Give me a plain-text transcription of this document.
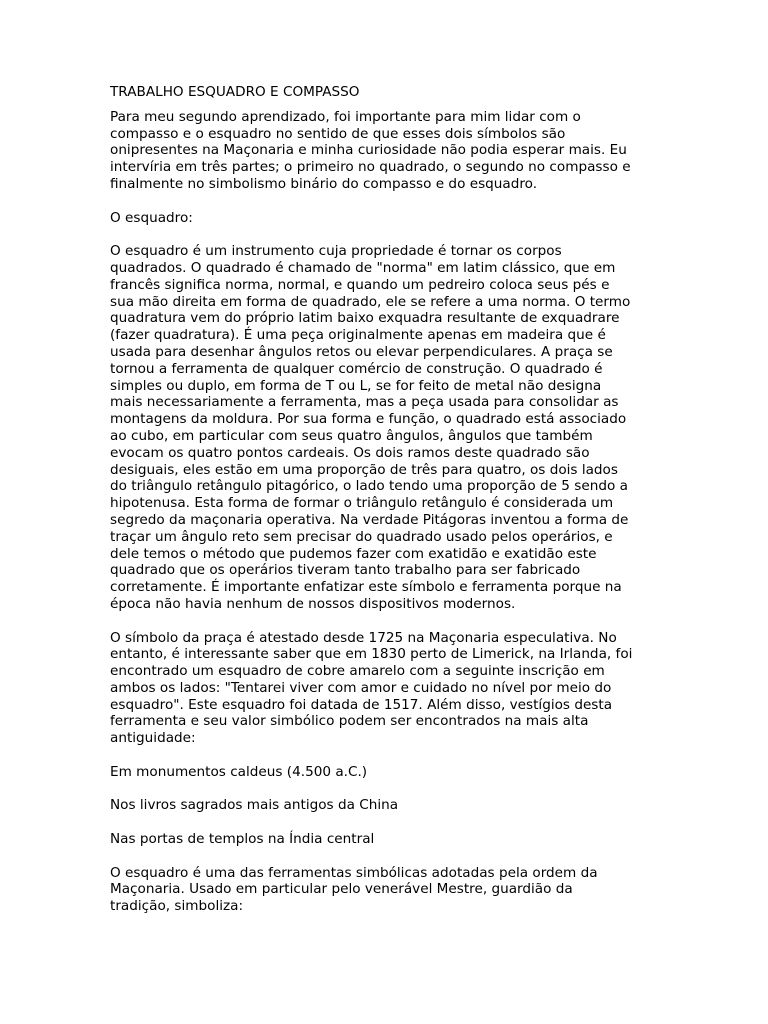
TRABALHO ESQUADRO E COMPASSO

Para meu segundo aprendizado, foi importante para mim lidar com o
compasso e o esquadro no sentido de que esses dois símbolos são
onipresentes na Maçonaria e minha curiosidade não podia esperar mais. Eu
intervíria em três partes; o primeiro no quadrado, o segundo no compasso e
finalmente no simbolismo binário do compasso e do esquadro.

O esquadro:

O esquadro é um instrumento cuja propriedade é tornar os corpos
quadrados. O quadrado é chamado de "norma" em latim clássico, que em
francês significa norma, normal, e quando um pedreiro coloca seus pés e
sua mão direita em forma de quadrado, ele se refere a uma norma. O termo
quadratura vem do próprio latim baixo exquadra resultante de exquadrare
(fazer quadratura). É uma peça originalmente apenas em madeira que é
usada para desenhar ângulos retos ou elevar perpendiculares. A praça se
tornou a ferramenta de qualquer comércio de construção. O quadrado é
simples ou duplo, em forma de T ou L, se for feito de metal não designa
mais necessariamente a ferramenta, mas a peça usada para consolidar as
montagens da moldura. Por sua forma e função, o quadrado está associado
ao cubo, em particular com seus quatro ângulos, ângulos que também
evocam os quatro pontos cardeais. Os dois ramos deste quadrado são
desiguais, eles estão em uma proporção de três para quatro, os dois lados
do triângulo retângulo pitagórico, o lado tendo uma proporção de 5 sendo a
hipotenusa. Esta forma de formar o triângulo retângulo é considerada um
segredo da maçonaria operativa. Na verdade Pitágoras inventou a forma de
traçar um ângulo reto sem precisar do quadrado usado pelos operários, e
dele temos o método que pudemos fazer com exatidão e exatidão este
quadrado que os operários tiveram tanto trabalho para ser fabricado
corretamente. É importante enfatizar este símbolo e ferramenta porque na
época não havia nenhum de nossos dispositivos modernos.

O símbolo da praça é atestado desde 1725 na Maçonaria especulativa. No
entanto, é interessante saber que em 1830 perto de Limerick, na Irlanda, foi
encontrado um esquadro de cobre amarelo com a seguinte inscrição em
ambos os lados: "Tentarei viver com amor e cuidado no nível por meio do
esquadro". Este esquadro foi datada de 1517. Além disso, vestígios desta
ferramenta e seu valor simbólico podem ser encontrados na mais alta
antiguidade:

Em monumentos caldeus (4.500 a.C.)

Nos livros sagrados mais antigos da China

Nas portas de templos na Índia central

O esquadro é uma das ferramentas simbólicas adotadas pela ordem da
Maçonaria. Usado em particular pelo venerável Mestre, guardião da
tradição, simboliza:
